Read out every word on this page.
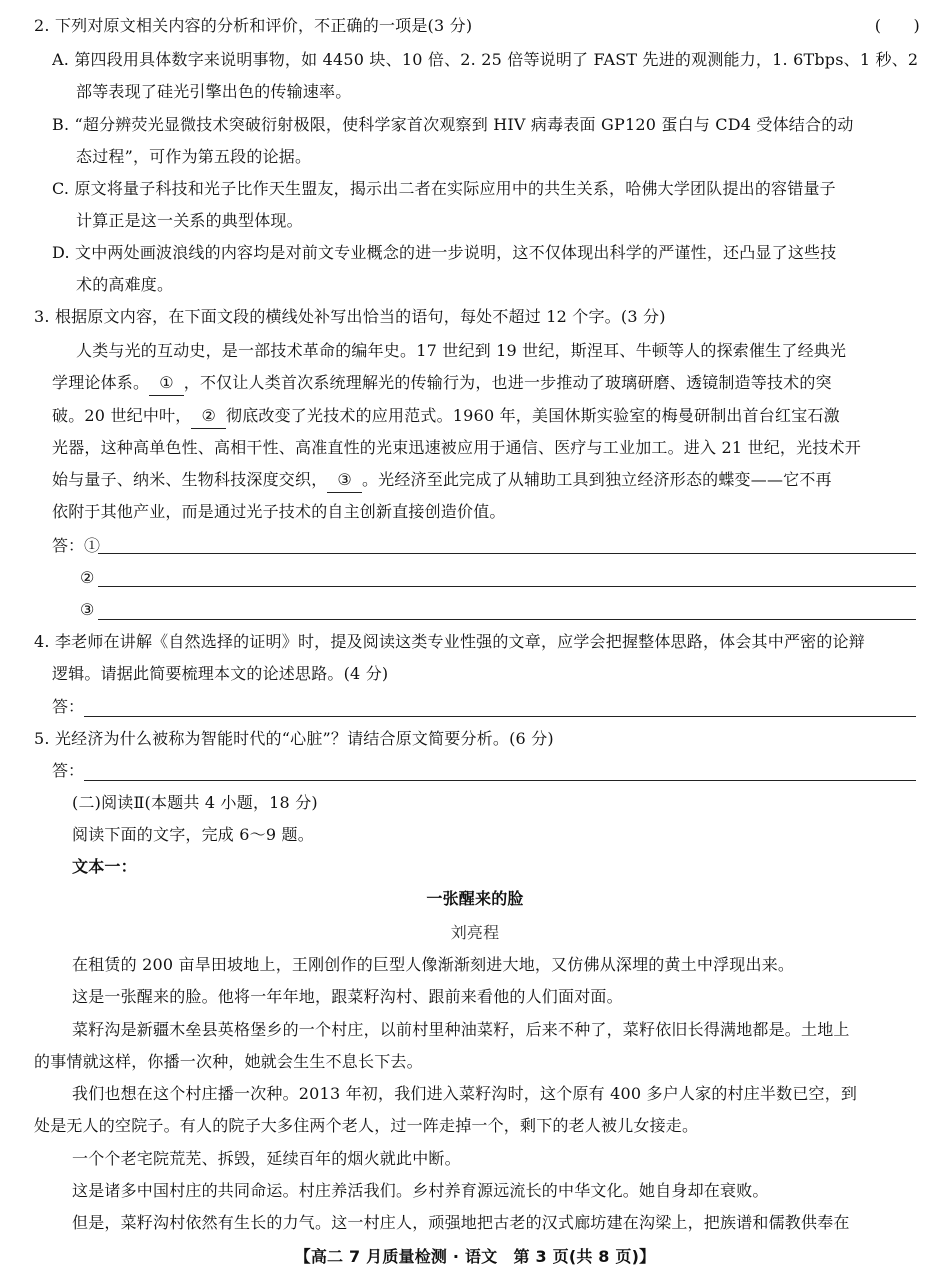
2. 下列对原文相关内容的分析和评价，不正确的一项是(3 分)	(　　)
A. 第四段用具体数字来说明事物，如 4450 块、10 倍、2. 25 倍等说明了 FAST 先进的观测能力，1. 6Tbps、1 秒、2
部等表现了硅光引擎出色的传输速率。
B. “超分辨荧光显微技术突破衍射极限，使科学家首次观察到 HIV 病毒表面 GP120 蛋白与 CD4 受体结合的动
态过程”，可作为第五段的论据。
C. 原文将量子科技和光子比作天生盟友，揭示出二者在实际应用中的共生关系，哈佛大学团队提出的容错量子
计算正是这一关系的典型体现。
D. 文中两处画波浪线的内容均是对前文专业概念的进一步说明，这不仅体现出科学的严谨性，还凸显了这些技
术的高难度。
3. 根据原文内容，在下面文段的横线处补写出恰当的语句，每处不超过 12 个字。(3 分)
人类与光的互动史，是一部技术革命的编年史。17 世纪到 19 世纪，斯涅耳、牛顿等人的探索催生了经典光
学理论体系。 ① ，不仅让人类首次系统理解光的传输行为，也进一步推动了玻璃研磨、透镜制造等技术的突
破。20 世纪中叶， ② 彻底改变了光技术的应用范式。1960 年，美国休斯实验室的梅曼研制出首台红宝石激
光器，这种高单色性、高相干性、高准直性的光束迅速被应用于通信、医疗与工业加工。进入 21 世纪，光技术开
始与量子、纳米、生物科技深度交织， ③ 。光经济至此完成了从辅助工具到独立经济形态的蝶变——它不再
依附于其他产业，而是通过光子技术的自主创新直接创造价值。
答：①
②
③
4. 李老师在讲解《自然选择的证明》时，提及阅读这类专业性强的文章，应学会把握整体思路，体会其中严密的论辩
逻辑。请据此简要梳理本文的论述思路。(4 分)
答：
5. 光经济为什么被称为智能时代的“心脏”？请结合原文简要分析。(6 分)
答：
(二)阅读Ⅱ(本题共 4 小题，18 分)
阅读下面的文字，完成 6～9 题。
文本一：
一张醒来的脸
刘亮程
在租赁的 200 亩旱田坡地上，王刚创作的巨型人像渐渐刻进大地，又仿佛从深埋的黄土中浮现出来。
这是一张醒来的脸。他将一年年地，跟菜籽沟村、跟前来看他的人们面对面。
菜籽沟是新疆木垒县英格堡乡的一个村庄，以前村里种油菜籽，后来不种了，菜籽依旧长得满地都是。土地上
的事情就这样，你播一次种，她就会生生不息长下去。
我们也想在这个村庄播一次种。2013 年初，我们进入菜籽沟时，这个原有 400 多户人家的村庄半数已空，到
处是无人的空院子。有人的院子大多住两个老人，过一阵走掉一个，剩下的老人被儿女接走。
一个个老宅院荒芜、拆毁，延续百年的烟火就此中断。
这是诸多中国村庄的共同命运。村庄养活我们。乡村养育源远流长的中华文化。她自身却在衰败。
但是，菜籽沟村依然有生长的力气。这一村庄人，顽强地把古老的汉式廊坊建在沟梁上，把族谱和儒教供奉在
【高二 7 月质量检测 · 语文　第 3 页(共 8 页)】
